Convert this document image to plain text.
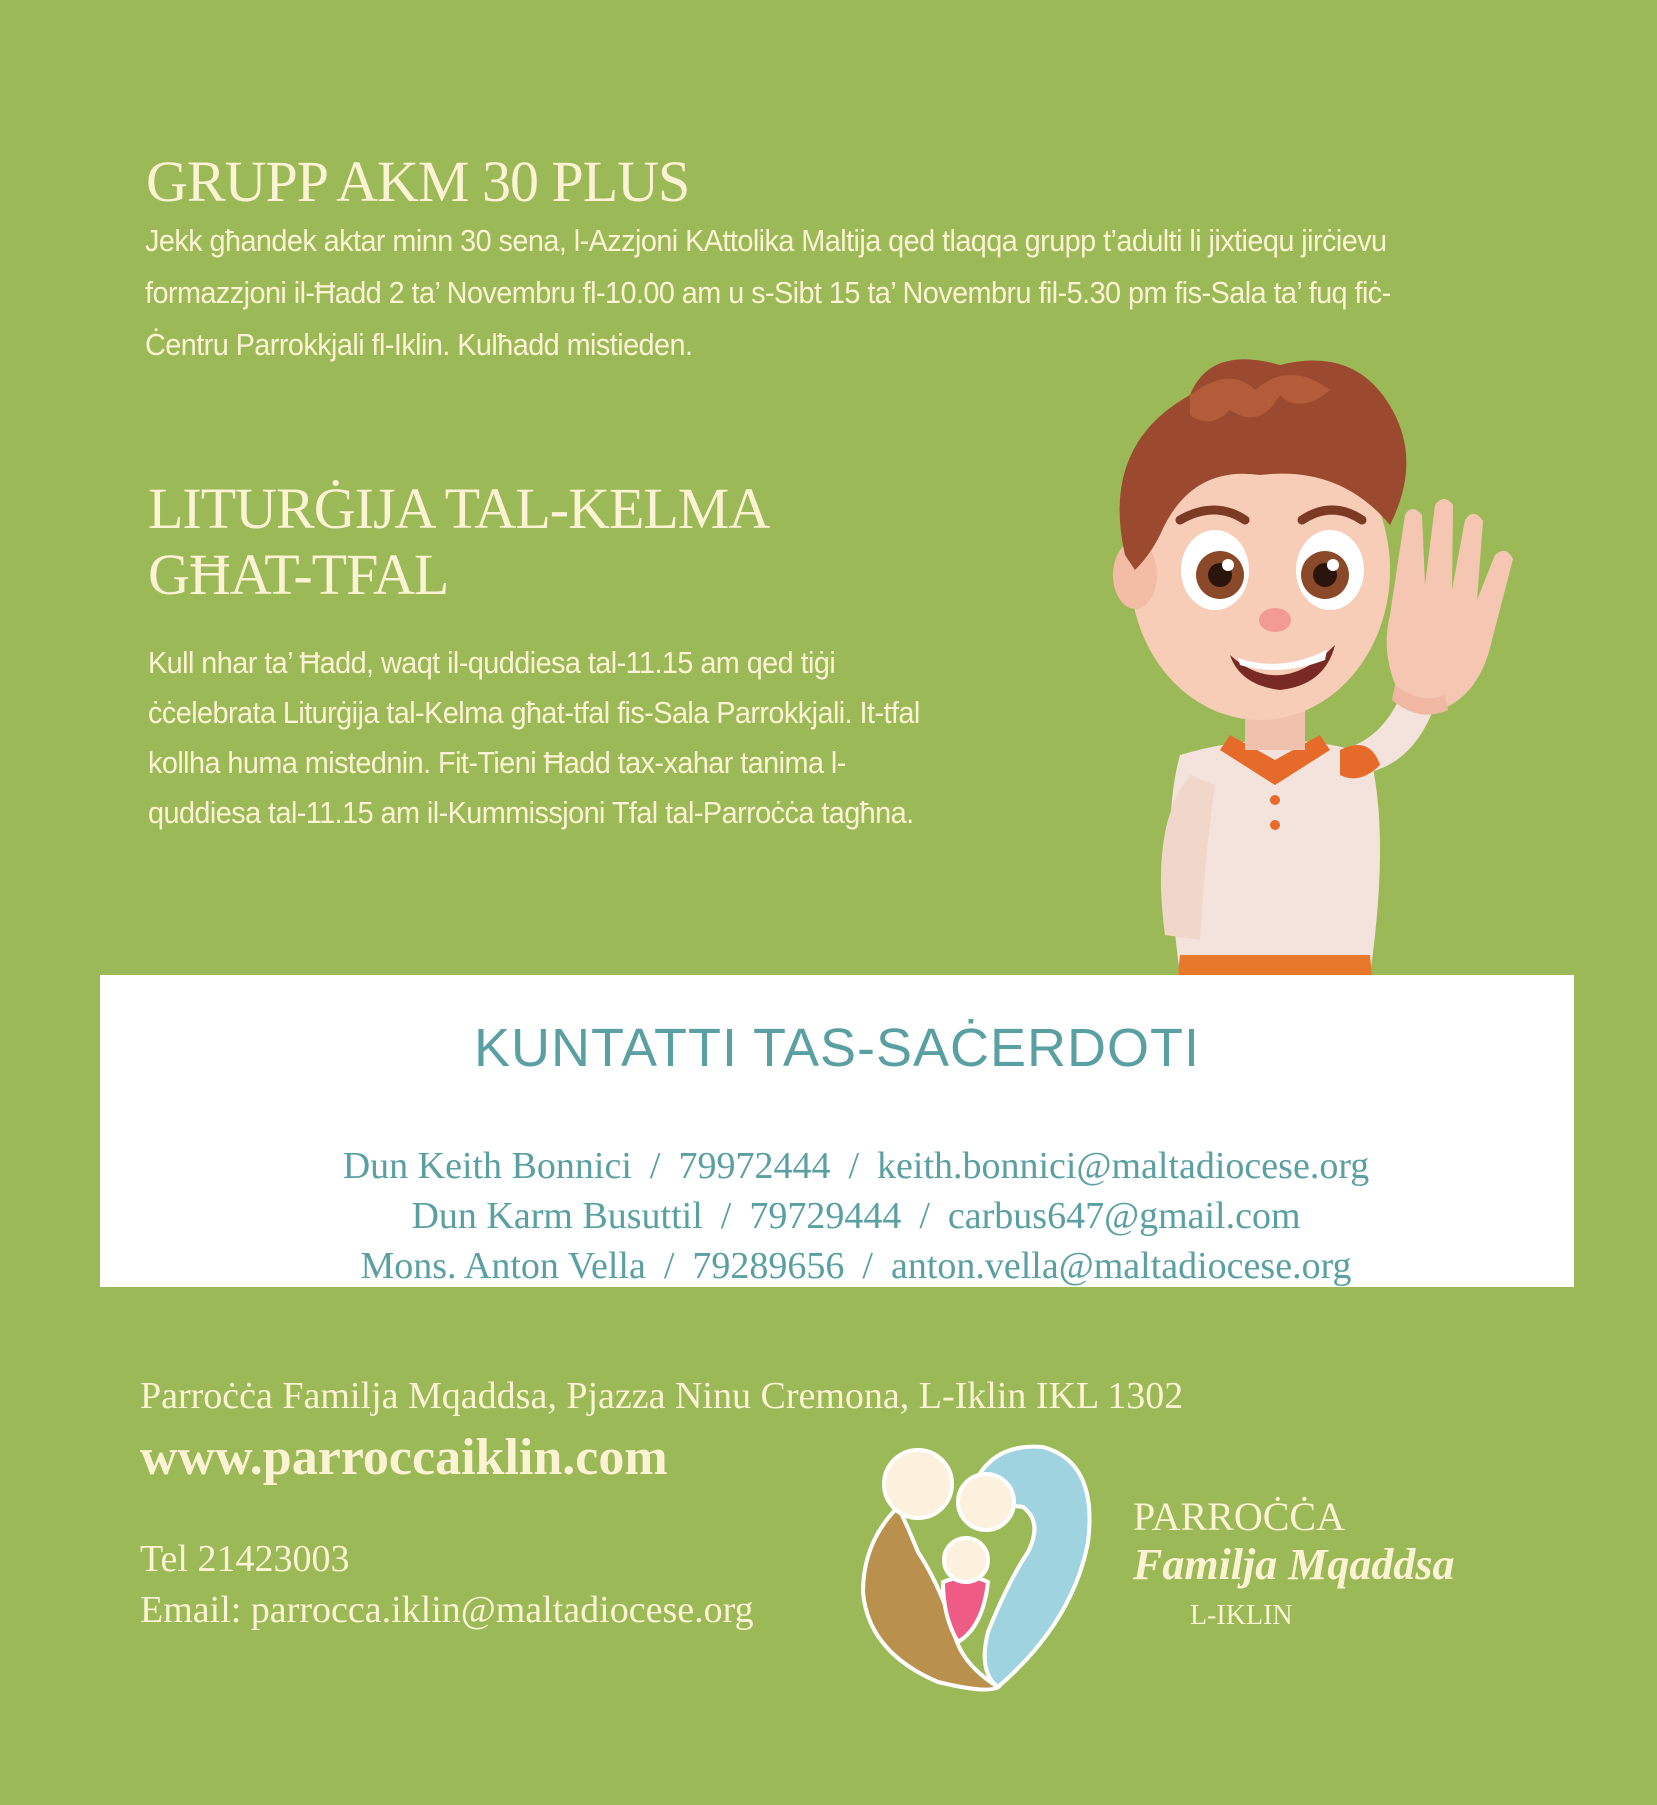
GRUPP AKM 30 PLUS

Jekk għandek aktar minn 30 sena, l-Azzjoni KAttolika Maltija qed tlaqqa grupp t’adulti li jixtiequ jirċievu formazzjoni il-Ħadd 2 ta’ Novembru fl-10.00 am u s-Sibt 15 ta’ Novembru fil-5.30 pm fis-Sala ta’ fuq fiċ-Ċentru Parrokkjali fl-Iklin. Kulħadd mistieden.

LITURĠIJA TAL-KELMA
GĦAT-TFAL

Kull nhar ta’ Ħadd, waqt il-quddiesa tal-11.15 am qed tiġi ċċelebrata Liturġija tal-Kelma għat-tfal fis-Sala Parrokkjali. It-tfal kollha huma mistednin. Fit-Tieni Ħadd tax-xahar tanima l-quddiesa tal-11.15 am il-Kummissjoni Tfal tal-Parroċċa tagħna.

KUNTATTI TAS-SAĊERDOTI

Dun Keith Bonnici / 79972444 / keith.bonnici@maltadiocese.org

Dun Karm Busuttil / 79729444 / carbus647@gmail.com

Mons. Anton Vella / 79289656 / anton.vella@maltadiocese.org

Parroċċa Familja Mqaddsa, Pjazza Ninu Cremona, L-Iklin IKL 1302
www.parroccaiklin.com
Tel 21423003
Email: parrocca.iklin@maltadiocese.org
PARROĊĊA
Familja Mqaddsa
L-IKLIN
